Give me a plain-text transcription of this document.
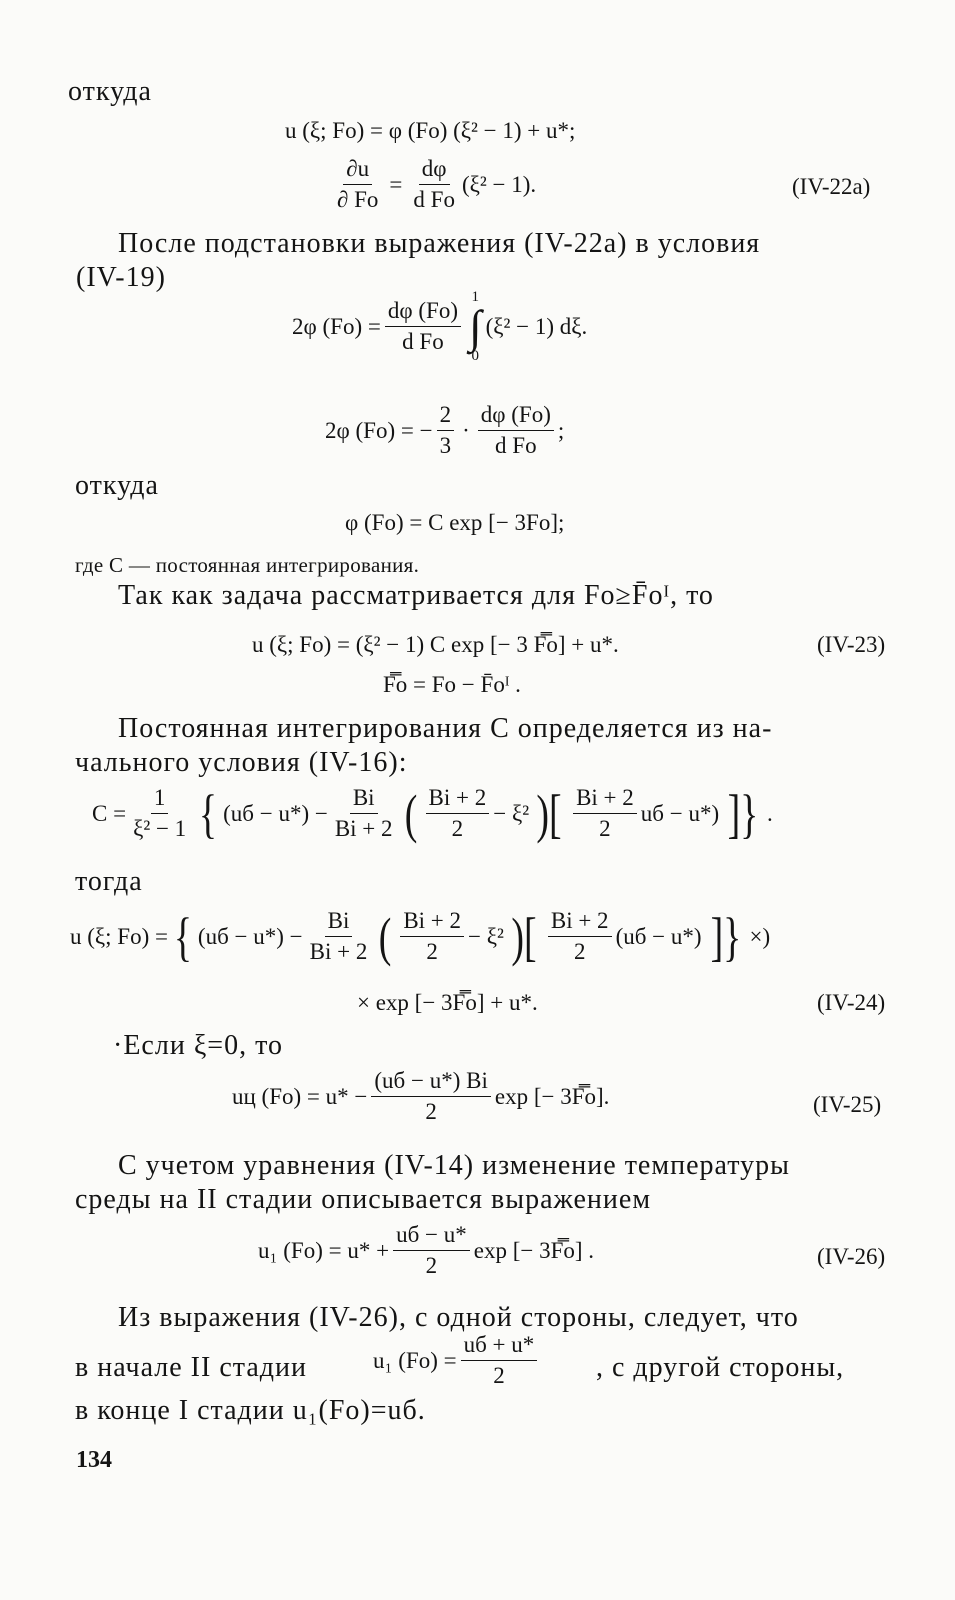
откуда
u (ξ; Fo) = φ (Fo) (ξ² − 1) + u*;
$\frac{\partial u}{\partial Fo} = \frac{d\varphi}{\text{d Fo}} (\xi^2 - 1)$.	(IV-22а)
После подстановки выражения (IV-22а) в условия
(IV-19)
2φ $(Fo) = \frac{d\varphi (Fo)}{\text{d Fo}}$
1
∫
0
(ξ² − 1) dξ.
2φ (Fo) = − $\frac{2}{3} \cdot \frac{d\varphi (Fo)}{\text{d Fo}}$ ;
откуда
φ (Fo) = C exp [− 3Fo];
где C — постоянная интегрирования.
Так как задача рассматривается для Fo≥F̄oᴵ, то
u (ξ; Fo) = (ξ² − 1) C exp [− 3 F̿o] + u*.	(IV-23)
F̿o = Fo − F̄oᴵ .
Постоянная интегрирования C определяется из на-
чального условия (IV-16):
$C = \frac{1}{\text{ξ² − 1}}$ { $(uб - u*) - \frac{Bi}{Bi + 2}$ ( $\frac{Bi + 2}{2} - \xi^2$ )[ $\frac{Bi + 2}{2}$ uб − u*) ]} .
тогда
u (ξ; Fo) = { $(uб - u*) - \frac{Bi}{Bi + 2}$ ( $\frac{Bi + 2}{2} - \xi^2$ )[ $\frac{Bi + 2}{2} (uб - u*)$ ]} ×)
× exp [− 3F̿o] + u*.	(IV-24)
·Если ξ=0, то
uц $(Fo) = u* - \frac{(uб - u*) Bi}{2}$ exp [− 3F̿o].	(IV-25)
С учетом уравнения (IV-14) изменение температуры
среды на II стадии описывается выражением
u₁ $(Fo) = u* + \frac{uб - u*}{2}$ exp [− 3F̿o] .	(IV-26)
Из выражения (IV-26), с одной стороны, следует, что
в начале II стадии	u₁ $(Fo) = \frac{uб + u*}{2}$ , с другой стороны,
в конце I стадии u₁(Fo)=uб.
134
